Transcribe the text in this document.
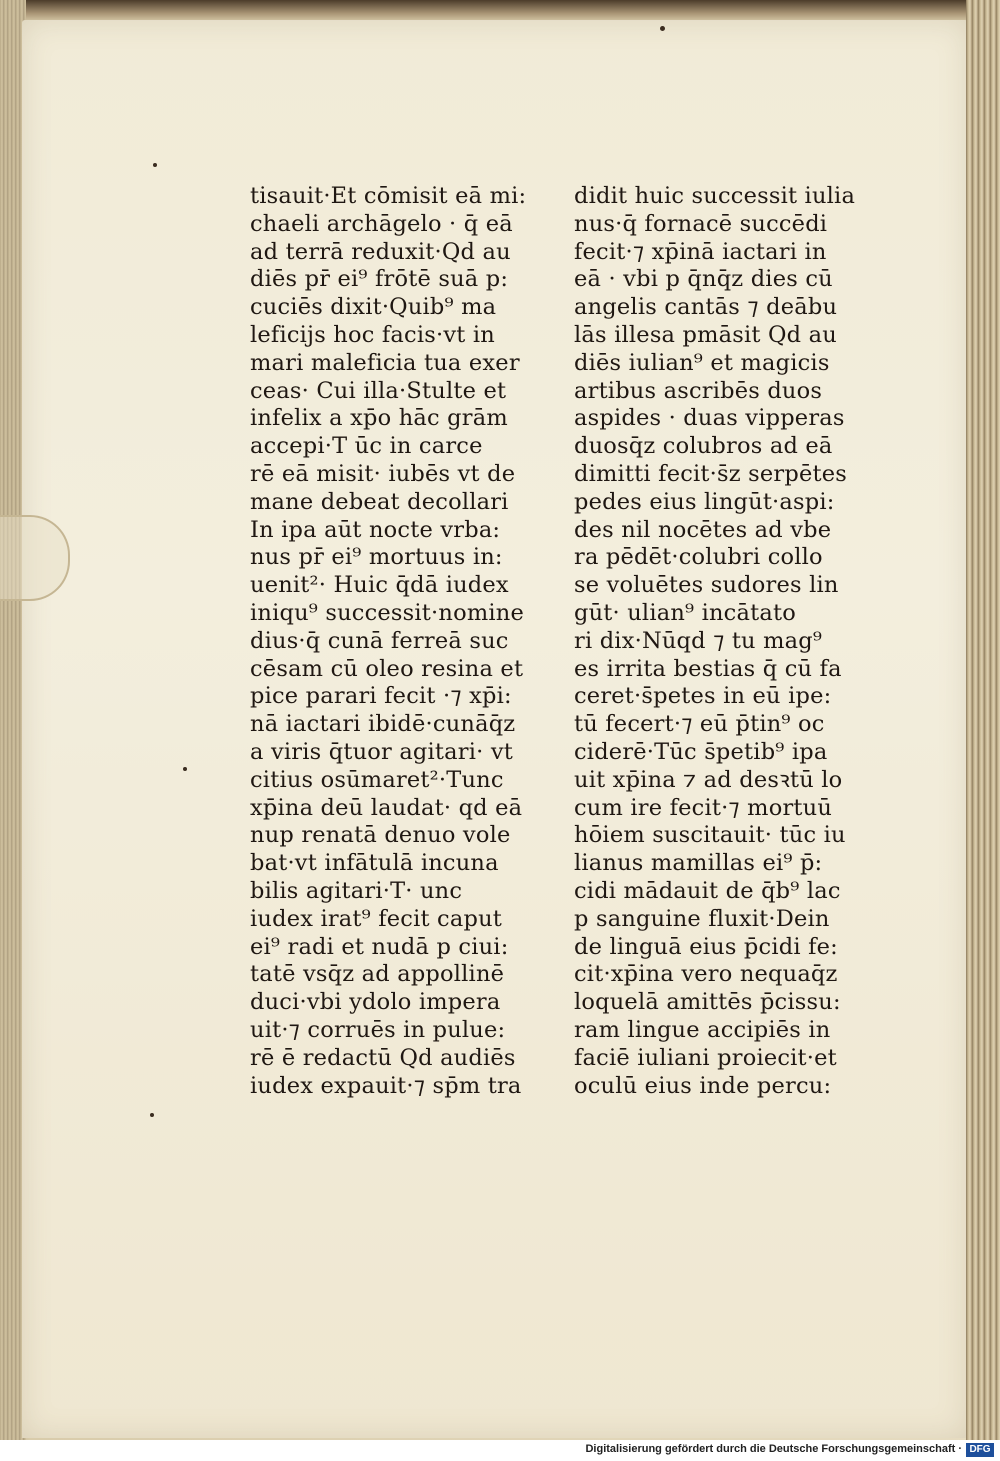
tisauit·Et cōmisit eā mi:
chaeli archāgelo · q̄ eā
ad terrā reduxit·Qd au
diēs pr̄ ei⁹ frōtē suā p:
cuciēs dixit·Quib⁹ ma
leficijs hoc facis·vt in
mari maleficia tua exer
ceas· Cui illa·Stulte et
infelix a xp̄o hāc grām
accepi·T ūc in carce
rē eā misit· iubēs vt de
mane debeat decollari
In ipa aūt nocte vrba:
nus pr̄ ei⁹ mortuus in:
uenit²· Huic q̄dā iudex
iniqu⁹ successit·nomine
dius·q̄ cunā ferreā suc
cēsam cū oleo resina et
pice parari fecit ·⁊ xp̄i:
nā iactari ibidē·cunāq̄z
a viris q̄tuor agitari· vt
citius osūmaret²·Tunc
xp̄ina deū laudat· qd eā
nup renatā denuo vole
bat·vt infātulā incuna
bilis agitari·T· unc
iudex irat⁹ fecit caput
ei⁹ radi et nudā p ciui:
tatē vsq̄z ad appollinē
duci·vbi ydolo impera
uit·⁊ corruēs in pulue:
rē ē redactū Qd audiēs
iudex expauit·⁊ sp̄m tra
didit huic successit iulia
nus·q̄ fornacē succēdi
fecit·⁊ xp̄inā iactari in
eā · vbi p q̄nq̄z dies cū
angelis cantās ⁊ deābu
lās illesa pmāsit Qd au
diēs iulian⁹ et magicis
artibus ascribēs duos
aspides · duas vipperas
duosq̄z colubros ad eā
dimitti fecit·s̄z serpētes
pedes eius lingūt·aspi:
des nil nocētes ad vbe
ra pēdēt·colubri collo
se voluētes sudores lin
gūt· ulian⁹ incātato
ri dix·Nūqd ⁊ tu mag⁹
es irrita bestias q̄ cū fa
ceret·s̄petes in eū ipe:
tū fecert·⁊ eū p̄tin⁹ oc
ciderē·Tūc s̄petib⁹ ipa
uit xp̄ina ⁊ ad desꝛtū lo
cum ire fecit·⁊ mortuū
hōiem suscitauit· tūc iu
lianus mamillas ei⁹ p̄:
cidi mādauit de q̄b⁹ lac
p sanguine fluxit·Dein
de linguā eius p̄cidi fe:
cit·xp̄ina vero nequaq̄z
loquelā amittēs p̄cissu:
ram lingue accipiēs in
faciē iuliani proiecit·et
oculū eius inde percu:
Digitalisierung gefördert durch die Deutsche Forschungsgemeinschaft · DFG
